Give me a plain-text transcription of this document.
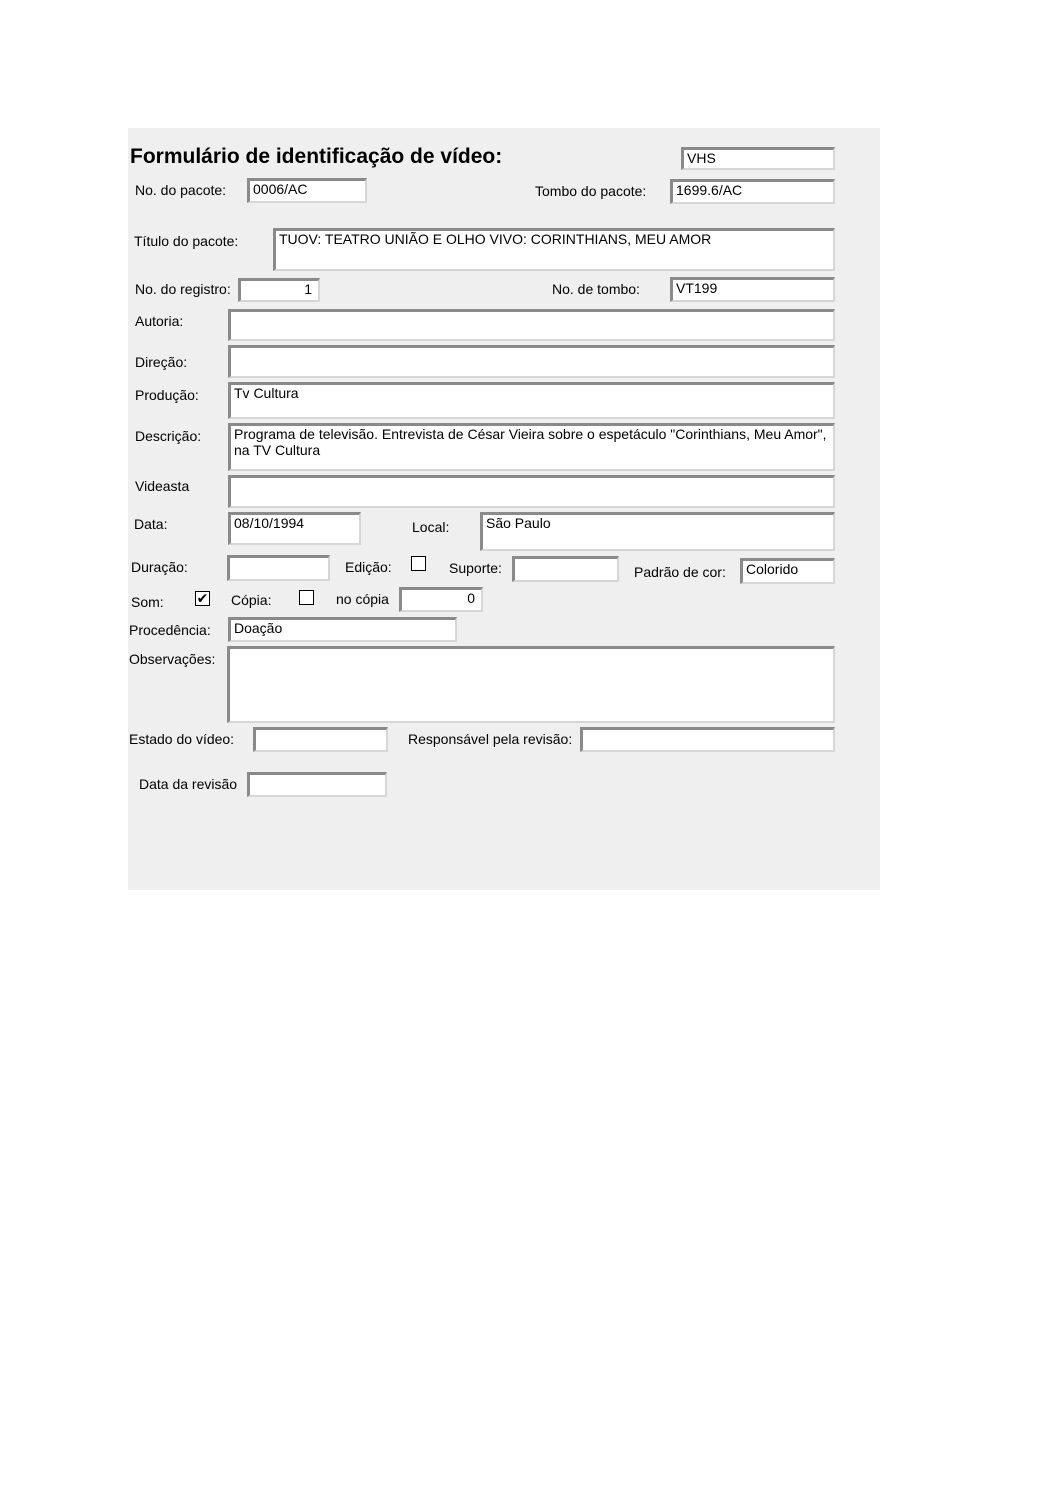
Formulário de identificação de vídeo:	VHS
No. do pacote:	0006/AC	Tombo do pacote:	1699.6/AC
Título do pacote:	TUOV: TEATRO UNIÃO E OLHO VIVO: CORINTHIANS, MEU AMOR
No. do registro:	1	No. de tombo:	VT199
Autoria:
Direção:
Produção:	Tv Cultura
Descrição:	Programa de televisão. Entrevista de César Vieira sobre o espetáculo "Corinthians, Meu Amor", na TV Cultura
Videasta
Data:	08/10/1994	Local:	São Paulo
Duração:	Edição:	Suporte:	Padrão de cor:	Colorido
Som: ✔ Cópia:	no cópia	0
Procedência:	Doação
Observações:
Estado do vídeo:	Responsável pela revisão:
Data da revisão
